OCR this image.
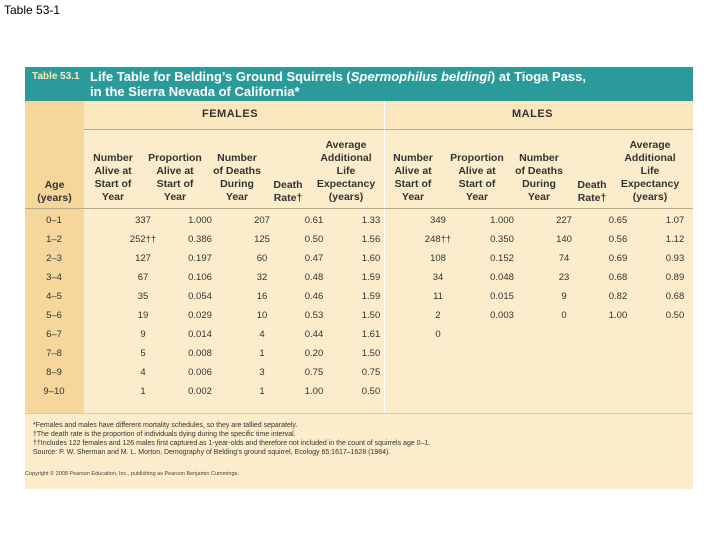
Table 53-1
Table 53.1 Life Table for Belding’s Ground Squirrels (Spermophilus beldingi) at Tioga Pass,
in the Sierra Nevada of California*
FEMALES	MALES
Age
(years)
Number
Alive at
Start of
Year
Proportion
Alive at
Start of
Year
Number
of Deaths
During
Year
Death
Rate†
Average
Additional
Life
Expectancy
(years)
Number
Alive at
Start of
Year
Proportion
Alive at
Start of
Year
Number
of Deaths
During
Year
Death
Rate†
Average
Additional
Life
Expectancy
(years)
0–1	337	1.000	207	0.61	1.33	349	1.000	227	0.65	1.07
1–2	252††	0.386	125	0.50	1.56	248††	0.350	140	0.56	1.12
2–3	127	0.197	60	0.47	1.60	108	0.152	74	0.69	0.93
3–4	67	0.106	32	0.48	1.59	34	0.048	23	0.68	0.89
4–5	35	0.054	16	0.46	1.59	11	0.015	9	0.82	0.68
5–6	19	0.029	10	0.53	1.50	2	0.003	0	1.00	0.50
6–7	9	0.014	4	0.44	1.61	0
7–8	5	0.008	1	0.20	1.50
8–9	4	0.006	3	0.75	0.75
9–10	1	0.002	1	1.00	0.50
*Females and males have different mortality schedules, so they are tallied separately.
†The death rate is the proportion of individuals dying during the specific time interval.
††Includes 122 females and 126 males first captured as 1-year-olds and therefore not included in the count of squirrels age 0–1.
Source: P. W. Sherman and M. L. Morton, Demography of Belding’s ground squirrel, Ecology 65:1617–1628 (1984).
Copyright © 2008 Pearson Education, Inc., publishing as Pearson Benjamin Cummings.
